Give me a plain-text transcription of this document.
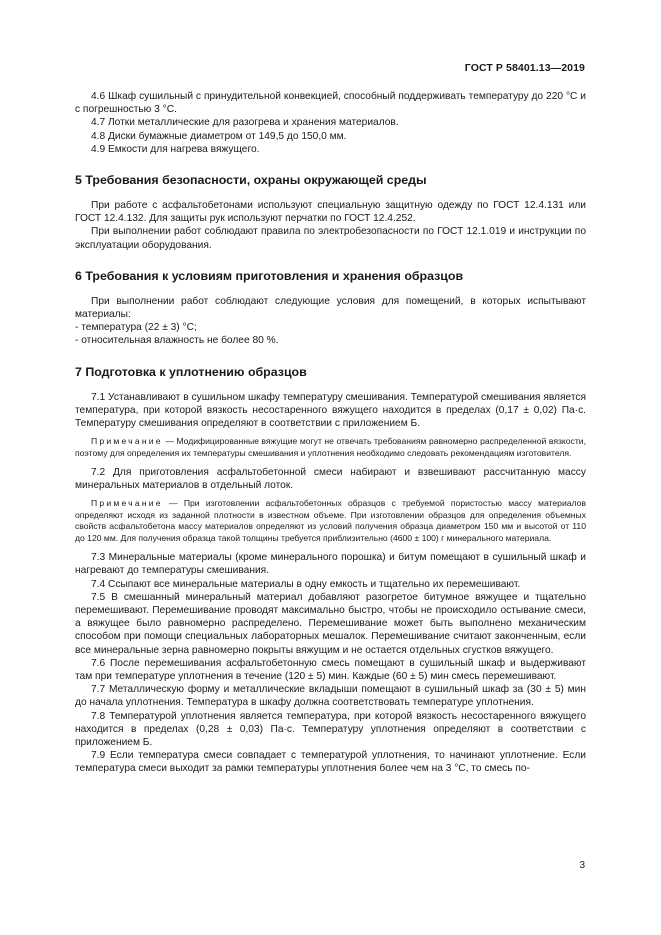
ГОСТ Р 58401.13—2019

4.6 Шкаф сушильный с принудительной конвекцией, способный поддерживать температуру до 220 °С и с погрешностью 3 °С.

4.7 Лотки металлические для разогрева и хранения материалов.

4.8 Диски бумажные диаметром от 149,5 до 150,0 мм.

4.9 Емкости для нагрева вяжущего.

5 Требования безопасности, охраны окружающей среды

При работе с асфальтобетонами используют специальную защитную одежду по ГОСТ 12.4.131 или ГОСТ 12.4.132. Для защиты рук используют перчатки по ГОСТ 12.4.252.

При выполнении работ соблюдают правила по электробезопасности по ГОСТ 12.1.019 и инструкции по эксплуатации оборудования.

6 Требования к условиям приготовления и хранения образцов

При выполнении работ соблюдают следующие условия для помещений, в которых испытывают материалы:

- температура (22 ± 3) °С;

- относительная влажность не более 80 %.

7 Подготовка к уплотнению образцов

7.1 Устанавливают в сушильном шкафу температуру смешивания. Температурой смешивания является температура, при которой вязкость несостаренного вяжущего находится в пределах (0,17 ± 0,02) Па·с. Температуру смешивания определяют в соответствии с приложением Б.

Примечание — Модифицированные вяжущие могут не отвечать требованиям равномерно распределенной вязкости, поэтому для определения их температуры смешивания и уплотнения необходимо следовать рекомендациям изготовителя.

7.2 Для приготовления асфальтобетонной смеси набирают и взвешивают рассчитанную массу минеральных материалов в отдельный лоток.

Примечание — При изготовлении асфальтобетонных образцов с требуемой пористостью массу материалов определяют исходя из заданной плотности в известном объеме. При изготовлении образцов для определения объемных свойств асфальтобетона массу материалов определяют из условий получения образца диаметром 150 мм и высотой от 110 до 120 мм. Для получения образца такой толщины требуется приблизительно (4600 ± 100) г минерального материала.

7.3 Минеральные материалы (кроме минерального порошка) и битум помещают в сушильный шкаф и нагревают до температуры смешивания.

7.4 Ссыпают все минеральные материалы в одну емкость и тщательно их перемешивают.

7.5 В смешанный минеральный материал добавляют разогретое битумное вяжущее и тщательно перемешивают. Перемешивание проводят максимально быстро, чтобы не происходило остывание смеси, а вяжущее было равномерно распределено. Перемешивание может быть выполнено механическим способом при помощи специальных лабораторных мешалок. Перемешивание считают законченным, если все минеральные зерна равномерно покрыты вяжущим и не остается отдельных сгустков вяжущего.

7.6 После перемешивания асфальтобетонную смесь помещают в сушильный шкаф и выдерживают там при температуре уплотнения в течение (120 ± 5) мин. Каждые (60 ± 5) мин смесь перемешивают.

7.7 Металлическую форму и металлические вкладыши помещают в сушильный шкаф за (30 ± 5) мин до начала уплотнения. Температура в шкафу должна соответствовать температуре уплотнения.

7.8 Температурой уплотнения является температура, при которой вязкость несостаренного вяжущего находится в пределах (0,28 ± 0,03) Па·с. Температуру уплотнения определяют в соответствии с приложением Б.

7.9 Если температура смеси совпадает с температурой уплотнения, то начинают уплотнение. Если температура смеси выходит за рамки температуры уплотнения более чем на 3 °С, то смесь по-

3
